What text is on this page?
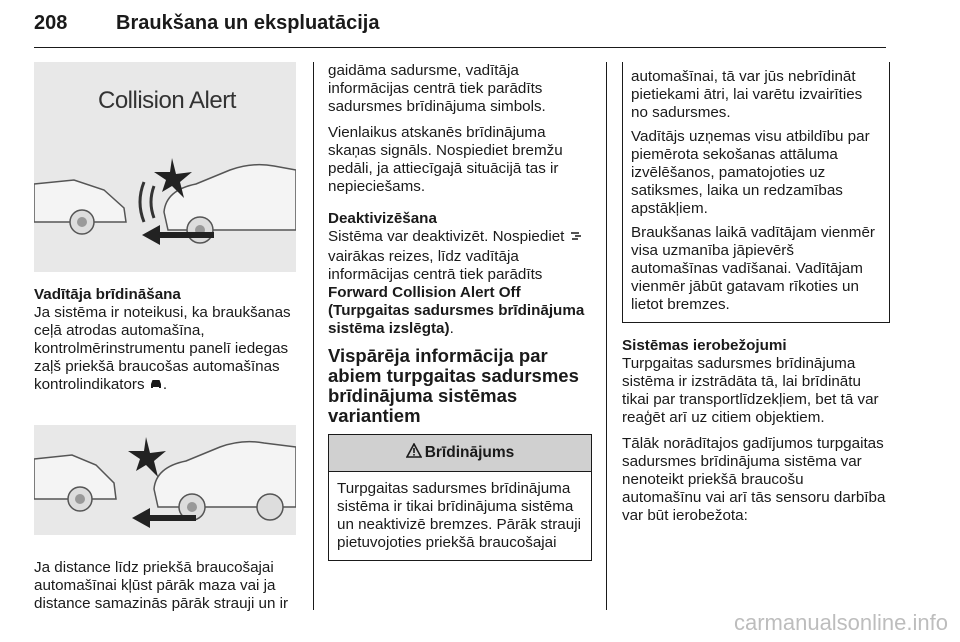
208 Braukšana un ekspluatācija
Collision Alert

Vadītāja brīdināšana

Ja sistēma ir noteikusi, ka braukšanas ceļā atrodas automašīna, kontrolmērinstrumentu panelī iedegas zaļš priekšā braucošas automašīnas kontrolindikators .

Ja distance līdz priekšā braucošajai automašīnai kļūst pārāk maza vai ja distance samazinās pārāk strauji un ir

gaidāma sadursme, vadītāja informācijas centrā tiek parādīts sadursmes brīdinājuma simbols.

Vienlaikus atskanēs brīdinājuma skaņas signāls. Nospiediet bremžu pedāli, ja attiecīgajā situācijā tas ir nepieciešams.

Deaktivizēšana

Sistēma var deaktivizēt. Nospiediet  vairākas reizes, līdz vadītāja informācijas centrā tiek parādīts Forward Collision Alert Off (Turpgaitas sadursmes brīdinājuma sistēma izslēgta).

Vispārēja informācija par abiem turpgaitas sadursmes brīdinājuma sistēmas variantiem

Brīdinājums

Turpgaitas sadursmes brīdinājuma sistēma ir tikai brīdinājuma sistēma un neaktivizē bremzes. Pārāk strauji pietuvojoties priekšā braucošajai

automašīnai, tā var jūs nebrīdināt pietiekami ātri, lai varētu izvairīties no sadursmes.

Vadītājs uzņemas visu atbildību par piemērota sekošanas attāluma izvēlēšanos, pamatojoties uz satiksmes, laika un redzamības apstākļiem.

Braukšanas laikā vadītājam vienmēr visa uzmanība jāpievērš automašīnas vadīšanai. Vadītājam vienmēr jābūt gatavam rīkoties un lietot bremzes.

Sistēmas ierobežojumi

Turpgaitas sadursmes brīdinājuma sistēma ir izstrādāta tā, lai brīdinātu tikai par transportlīdzekļiem, bet tā var reaģēt arī uz citiem objektiem.

Tālāk norādītajos gadījumos turpgaitas sadursmes brīdinājuma sistēma var nenoteikt priekšā braucošu automašīnu vai arī tās sensoru darbība var būt ierobežota:

carmanualsonline.info
